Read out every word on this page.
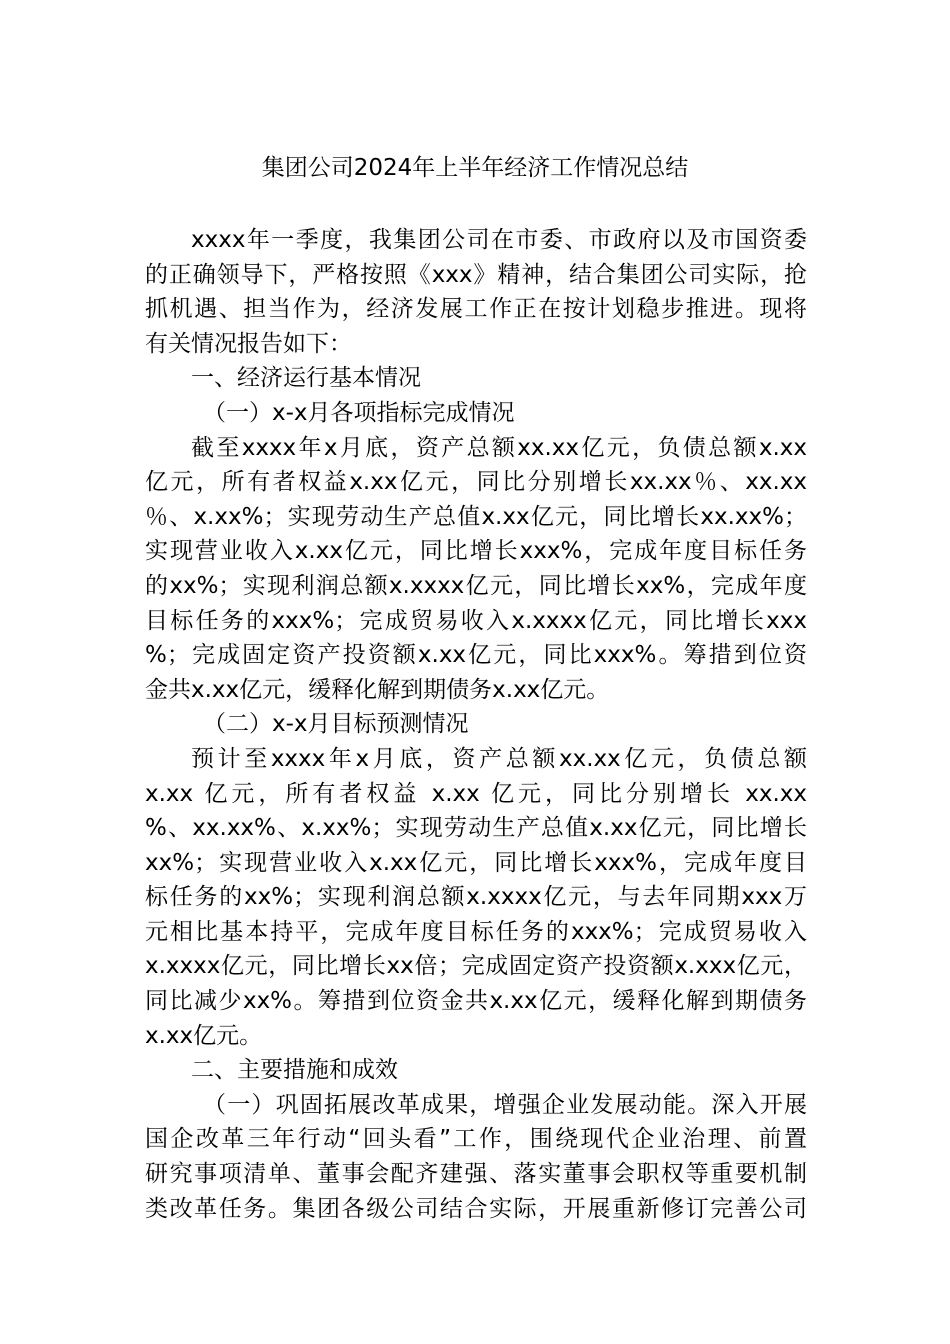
集团公司2024年上半年经济工作情况总结
xxxx年一季度，我集团公司在市委、市政府以及市国资委
的正确领导下，严格按照《xxx》精神，结合集团公司实际，抢
抓机遇、担当作为，经济发展工作正在按计划稳步推进。现将
有关情况报告如下：
一、经济运行基本情况
（一）x-x月各项指标完成情况
截至xxxx年x月底，资产总额xx.xx亿元，负债总额x.xx
亿元，所有者权益x.xx亿元，同比分别增长xx.xx％、xx.xx
％、x.xx%；实现劳动生产总值x.xx亿元，同比增长xx.xx%；
实现营业收入x.xx亿元，同比增长xxx%，完成年度目标任务
的xx%；实现利润总额x.xxxx亿元，同比增长xx%，完成年度
目标任务的xxx%；完成贸易收入x.xxxx亿元，同比增长xxx
%；完成固定资产投资额x.xx亿元，同比xxx%。筹措到位资
金共x.xx亿元，缓释化解到期债务x.xx亿元。
（二）x-x月目标预测情况
预计至xxxx年x月底，资产总额xx.xx亿元，负债总额
x.xx 亿元，所有者权益 x.xx 亿元，同比分别增长 xx.xx
%、xx.xx%、x.xx%；实现劳动生产总值x.xx亿元，同比增长
xx%；实现营业收入x.xx亿元，同比增长xxx%，完成年度目
标任务的xx%；实现利润总额x.xxxx亿元，与去年同期xxx万
元相比基本持平，完成年度目标任务的xxx%；完成贸易收入
x.xxxx亿元，同比增长xx倍；完成固定资产投资额x.xxx亿元，
同比减少xx%。筹措到位资金共x.xx亿元，缓释化解到期债务
x.xx亿元。
二、主要措施和成效
（一）巩固拓展改革成果，增强企业发展动能。深入开展
国企改革三年行动“回头看”工作，围绕现代企业治理、前置
研究事项清单、董事会配齐建强、落实董事会职权等重要机制
类改革任务。集团各级公司结合实际，开展重新修订完善公司
